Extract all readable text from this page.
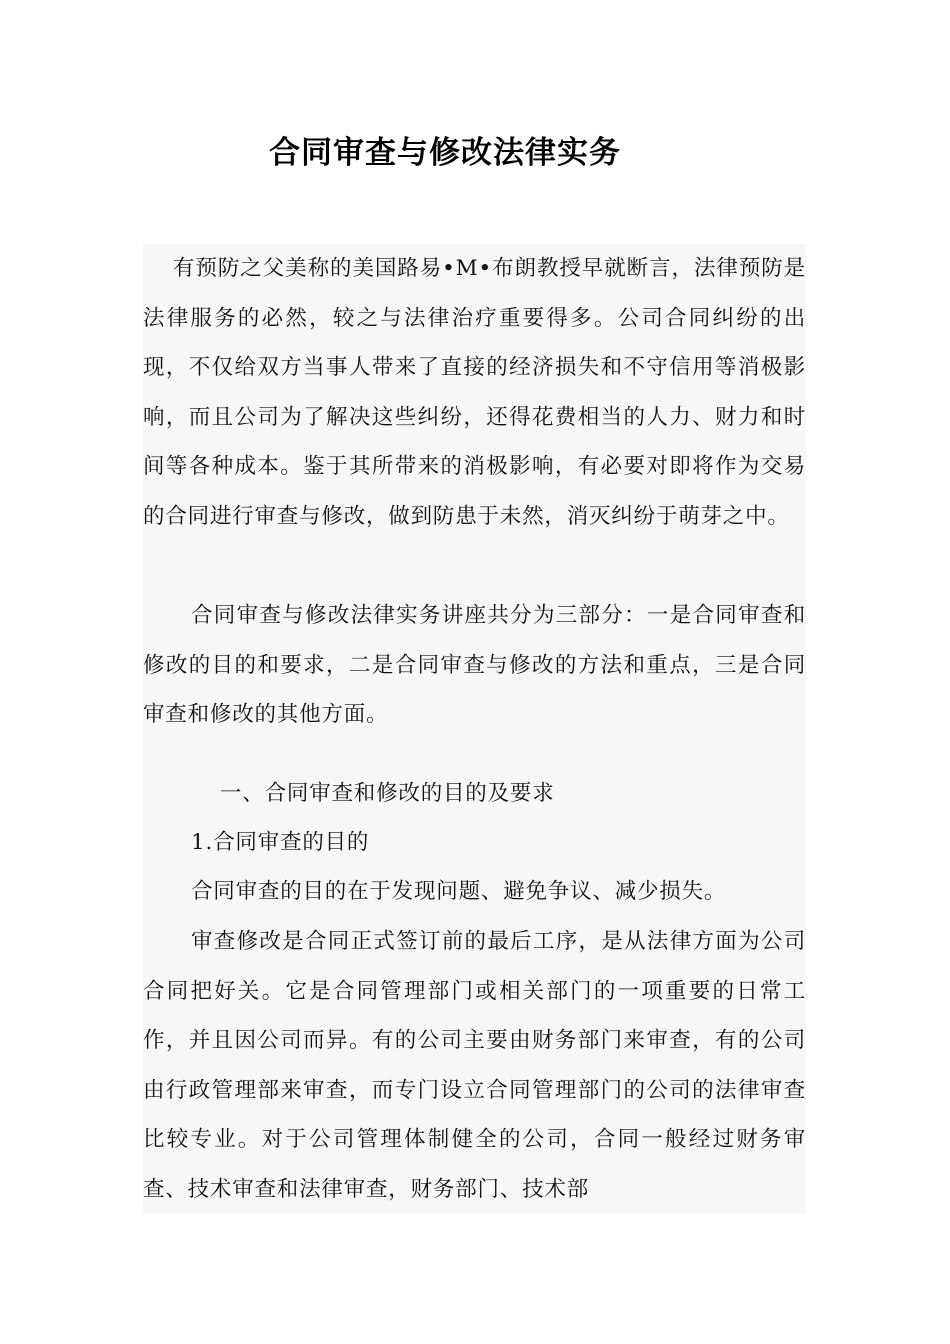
合同审查与修改法律实务

有预防之父美称的美国路易•M•布朗教授早就断言，法律预防是法律服务的必然，较之与法律治疗重要得多。公司合同纠纷的出现，不仅给双方当事人带来了直接的经济损失和不守信用等消极影响，而且公司为了解决这些纠纷，还得花费相当的人力、财力和时间等各种成本。鉴于其所带来的消极影响，有必要对即将作为交易的合同进行审查与修改，做到防患于未然，消灭纠纷于萌芽之中。

合同审查与修改法律实务讲座共分为三部分：一是合同审查和修改的目的和要求，二是合同审查与修改的方法和重点，三是合同审查和修改的其他方面。

一、合同审查和修改的目的及要求

1.合同审查的目的

合同审查的目的在于发现问题、避免争议、减少损失。

审查修改是合同正式签订前的最后工序，是从法律方面为公司合同把好关。它是合同管理部门或相关部门的一项重要的日常工作，并且因公司而异。有的公司主要由财务部门来审查，有的公司由行政管理部来审查，而专门设立合同管理部门的公司的法律审查比较专业。对于公司管理体制健全的公司，合同一般经过财务审查、技术审查和法律审查，财务部门、技术部
